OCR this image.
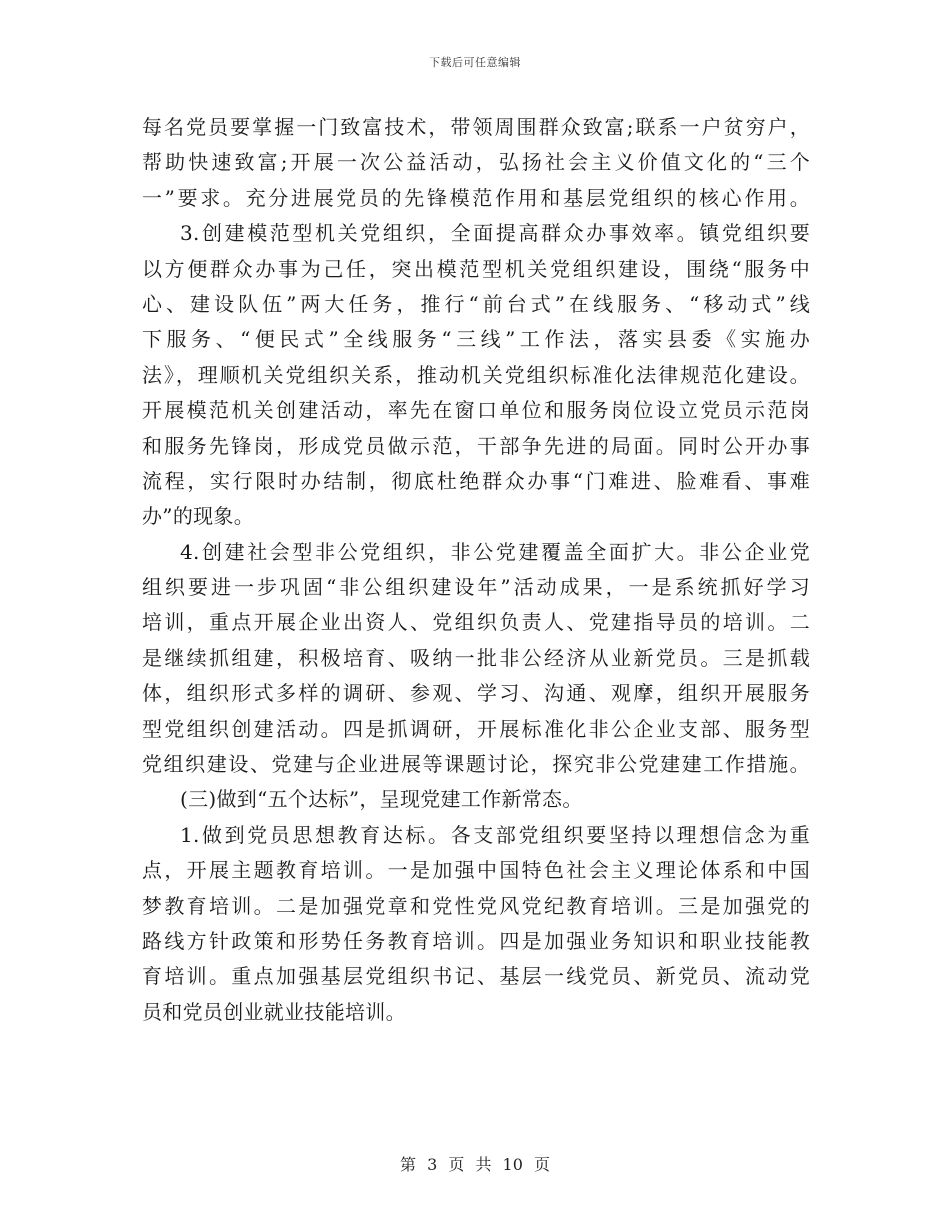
下载后可任意编辑
每名党员要掌握一门致富技术，带领周围群众致富;联系一户贫穷户，
帮助快速致富;开展一次公益活动，弘扬社会主义价值文化的“三个
一”要求。充分进展党员的先锋模范作用和基层党组织的核心作用。
3.创建模范型机关党组织，全面提高群众办事效率。镇党组织要
以方便群众办事为己任，突出模范型机关党组织建设，围绕“服务中
心、建设队伍”两大任务，推行“前台式”在线服务、“移动式”线
下服务、“便民式”全线服务“三线”工作法，落实县委《实施办
法》，理顺机关党组织关系，推动机关党组织标准化法律规范化建设。
开展模范机关创建活动，率先在窗口单位和服务岗位设立党员示范岗
和服务先锋岗，形成党员做示范，干部争先进的局面。同时公开办事
流程，实行限时办结制，彻底杜绝群众办事“门难进、脸难看、事难
办”的现象。
4.创建社会型非公党组织，非公党建覆盖全面扩大。非公企业党
组织要进一步巩固“非公组织建设年”活动成果，一是系统抓好学习
培训，重点开展企业出资人、党组织负责人、党建指导员的培训。二
是继续抓组建，积极培育、吸纳一批非公经济从业新党员。三是抓载
体，组织形式多样的调研、参观、学习、沟通、观摩，组织开展服务
型党组织创建活动。四是抓调研，开展标准化非公企业支部、服务型
党组织建设、党建与企业进展等课题讨论，探究非公党建建工作措施。
(三)做到“五个达标”，呈现党建工作新常态。
1.做到党员思想教育达标。各支部党组织要坚持以理想信念为重
点，开展主题教育培训。一是加强中国特色社会主义理论体系和中国
梦教育培训。二是加强党章和党性党风党纪教育培训。三是加强党的
路线方针政策和形势任务教育培训。四是加强业务知识和职业技能教
育培训。重点加强基层党组织书记、基层一线党员、新党员、流动党
员和党员创业就业技能培训。
第 3 页 共 10 页
